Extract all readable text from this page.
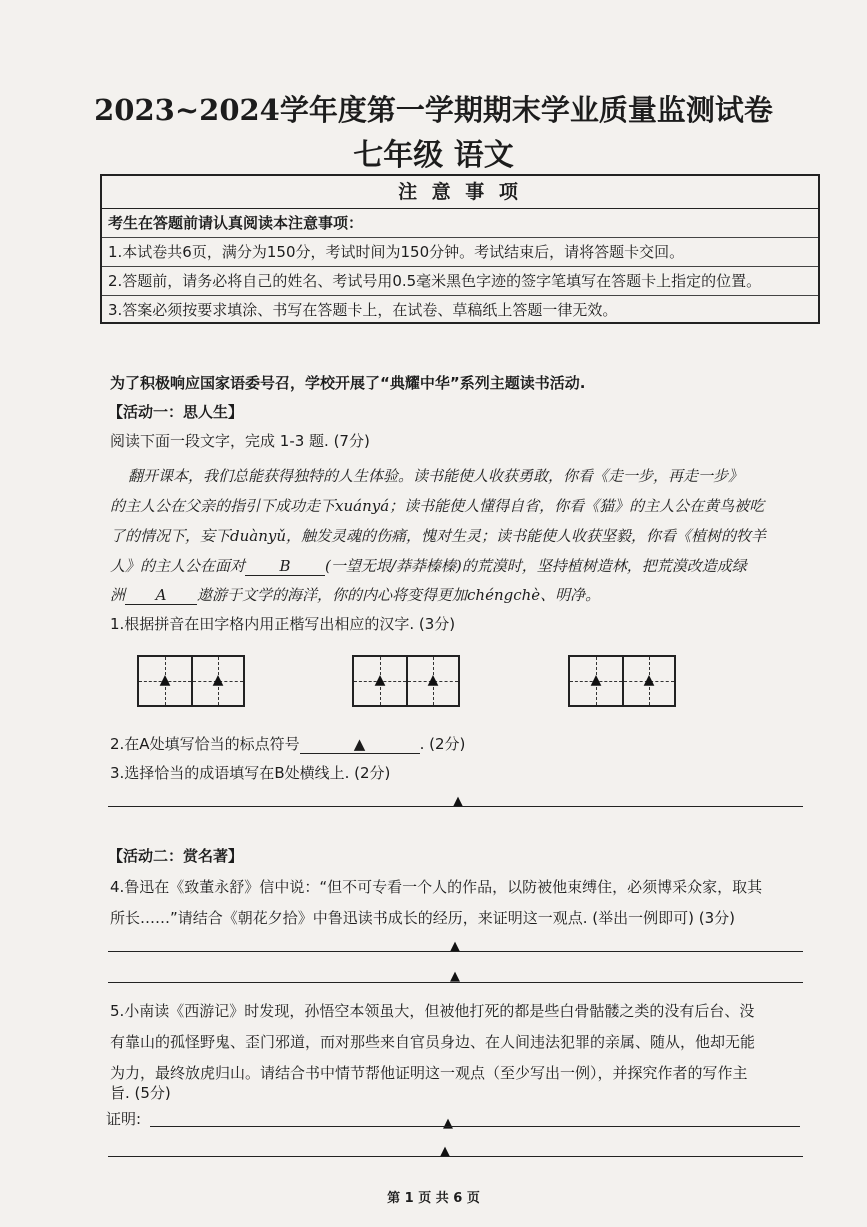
2023~2024学年度第一学期期末学业质量监测试卷
七年级 语文
注 意 事 项
考生在答题前请认真阅读本注意事项：
1.本试卷共6页，满分为150分，考试时间为150分钟。考试结束后，请将答题卡交回。
2.答题前，请务必将自己的姓名、考试号用0.5毫米黑色字迹的签字笔填写在答题卡上指定的位置。
3.答案必须按要求填涂、书写在答题卡上，在试卷、草稿纸上答题一律无效。
为了积极响应国家语委号召，学校开展了“典耀中华”系列主题读书活动.
【活动一：思人生】
阅读下面一段文字，完成 1-3 题. (7分)
翻开课本，我们总能获得独特的人生体验。读书能使人收获勇敢，你看《走一步，再走一步》
的主人公在父亲的指引下成功走下xuányá；读书能使人懂得自省，你看《猫》的主人公在黄鸟被吃
了的情况下，妄下duànyǔ，触发灵魂的伤痛，愧对生灵；读书能使人收获坚毅，你看《植树的牧羊
人》的主人公在面对 B (一望无垠/莽莽榛榛)的荒漠时，坚持植树造林，把荒漠改造成绿
洲 A 遨游于文学的海洋，你的内心将变得更加chéngchè、明净。
1.根据拼音在田字格内用正楷写出相应的汉字. (3分)
▲	▲	▲	▲	▲	▲
2.在A处填写恰当的标点符号	▲	. (2分)
3.选择恰当的成语填写在B处横线上. (2分)
▲
【活动二：赏名著】
4.鲁迅在《致董永舒》信中说：“但不可专看一个人的作品，以防被他束缚住，必须博采众家，取其
所长……”请结合《朝花夕拾》中鲁迅读书成长的经历，来证明这一观点. (举出一例即可) (3分)
▲
▲
5.小南读《西游记》时发现，孙悟空本领虽大，但被他打死的都是些白骨骷髅之类的没有后台、没
有靠山的孤怪野鬼、歪门邪道，而对那些来自官员身边、在人间违法犯罪的亲属、随从，他却无能
为力，最终放虎归山。请结合书中情节帮他证明这一观点（至少写出一例），并探究作者的写作主
旨. (5分)
证明:	▲
▲
第 1 页 共 6 页
